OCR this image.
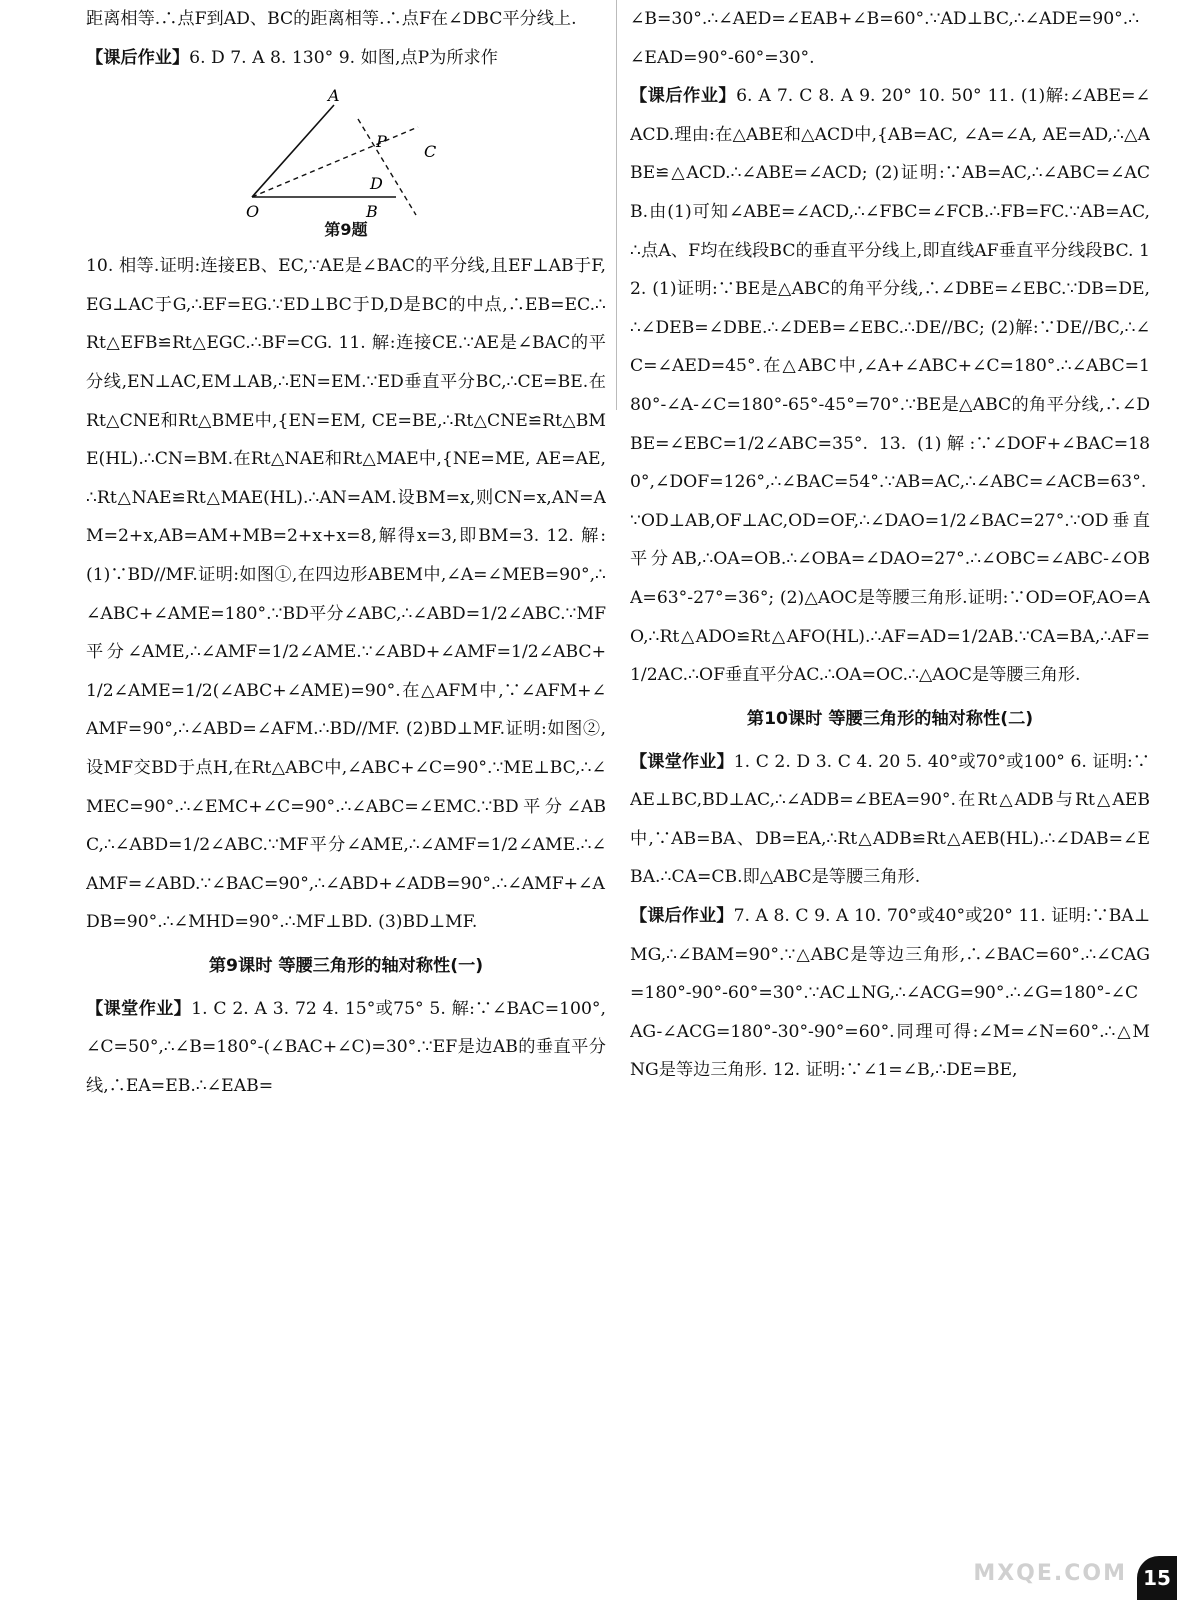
距离相等.∴点F到AD、BC的距离相等.∴点F在∠DBC平分线上.

【课后作业】6. D 7. A 8. 130° 9. 如图,点P为所求作

A
P
C
D
O	B
第9题

10. 相等.证明:连接EB、EC,∵AE是∠BAC的平分线,且EF⊥AB于F,EG⊥AC于G,∴EF=EG.∵ED⊥BC于D,D是BC的中点,∴EB=EC.∴Rt△EFB≌Rt△EGC.∴BF=CG. 11. 解:连接CE.∵AE是∠BAC的平分线,EN⊥AC,EM⊥AB,∴EN=EM.∵ED垂直平分BC,∴CE=BE.在Rt△CNE和Rt△BME中,{EN=EM, CE=BE,∴Rt△CNE≌Rt△BME(HL).∴CN=BM.在Rt△NAE和Rt△MAE中,{NE=ME, AE=AE,∴Rt△NAE≌Rt△MAE(HL).∴AN=AM.设BM=x,则CN=x,AN=AM=2+x,AB=AM+MB=2+x+x=8,解得x=3,即BM=3. 12. 解:(1)∵BD//MF.证明:如图①,在四边形ABEM中,∠A=∠MEB=90°,∴∠ABC+∠AME=180°.∵BD平分∠ABC,∴∠ABD=1/2∠ABC.∵MF平分∠AME,∴∠AMF=1/2∠AME.∵∠ABD+∠AMF=1/2∠ABC+1/2∠AME=1/2(∠ABC+∠AME)=90°.在△AFM中,∵∠AFM+∠AMF=90°,∴∠ABD=∠AFM.∴BD//MF. (2)BD⊥MF.证明:如图②,设MF交BD于点H,在Rt△ABC中,∠ABC+∠C=90°.∵ME⊥BC,∴∠MEC=90°.∴∠EMC+∠C=90°.∴∠ABC=∠EMC.∵BD平分∠ABC,∴∠ABD=1/2∠ABC.∵MF平分∠AME,∴∠AMF=1/2∠AME.∴∠AMF=∠ABD.∵∠BAC=90°,∴∠ABD+∠ADB=90°.∴∠AMF+∠ADB=90°.∴∠MHD=90°.∴MF⊥BD. (3)BD⊥MF.

第9课时 等腰三角形的轴对称性(一)

【课堂作业】1. C 2. A 3. 72 4. 15°或75° 5. 解:∵∠BAC=100°,∠C=50°,∴∠B=180°-(∠BAC+∠C)=30°.∵EF是边AB的垂直平分线,∴EA=EB.∴∠EAB=

∠B=30°.∴∠AED=∠EAB+∠B=60°.∵AD⊥BC,∴∠ADE=90°.∴∠EAD=90°-60°=30°.

【课后作业】6. A 7. C 8. A 9. 20° 10. 50° 11. (1)解:∠ABE=∠ACD.理由:在△ABE和△ACD中,{AB=AC, ∠A=∠A, AE=AD,∴△ABE≌△ACD.∴∠ABE=∠ACD; (2)证明:∵AB=AC,∴∠ABC=∠ACB.由(1)可知∠ABE=∠ACD,∴∠FBC=∠FCB.∴FB=FC.∵AB=AC,∴点A、F均在线段BC的垂直平分线上,即直线AF垂直平分线段BC. 12. (1)证明:∵BE是△ABC的角平分线,∴∠DBE=∠EBC.∵DB=DE,∴∠DEB=∠DBE.∴∠DEB=∠EBC.∴DE//BC; (2)解:∵DE//BC,∴∠C=∠AED=45°.在△ABC中,∠A+∠ABC+∠C=180°.∴∠ABC=180°-∠A-∠C=180°-65°-45°=70°.∵BE是△ABC的角平分线,∴∠DBE=∠EBC=1/2∠ABC=35°. 13. (1)解:∵∠DOF+∠BAC=180°,∠DOF=126°,∴∠BAC=54°.∵AB=AC,∴∠ABC=∠ACB=63°.∵OD⊥AB,OF⊥AC,OD=OF,∴∠DAO=1/2∠BAC=27°.∵OD垂直平分AB,∴OA=OB.∴∠OBA=∠DAO=27°.∴∠OBC=∠ABC-∠OBA=63°-27°=36°; (2)△AOC是等腰三角形.证明:∵OD=OF,AO=AO,∴Rt△ADO≌Rt△AFO(HL).∴AF=AD=1/2AB.∵CA=BA,∴AF=1/2AC.∴OF垂直平分AC.∴OA=OC.∴△AOC是等腰三角形.

第10课时 等腰三角形的轴对称性(二)

【课堂作业】1. C 2. D 3. C 4. 20 5. 40°或70°或100° 6. 证明:∵AE⊥BC,BD⊥AC,∴∠ADB=∠BEA=90°.在Rt△ADB与Rt△AEB中,∵AB=BA、DB=EA,∴Rt△ADB≌Rt△AEB(HL).∴∠DAB=∠EBA.∴CA=CB.即△ABC是等腰三角形.

【课后作业】7. A 8. C 9. A 10. 70°或40°或20° 11. 证明:∵BA⊥MG,∴∠BAM=90°.∵△ABC是等边三角形,∴∠BAC=60°.∴∠CAG=180°-90°-60°=30°.∵AC⊥NG,∴∠ACG=90°.∴∠G=180°-∠CAG-∠ACG=180°-30°-90°=60°.同理可得:∠M=∠N=60°.∴△MNG是等边三角形. 12. 证明:∵∠1=∠B,∴DE=BE,

MXQE.COM 15
